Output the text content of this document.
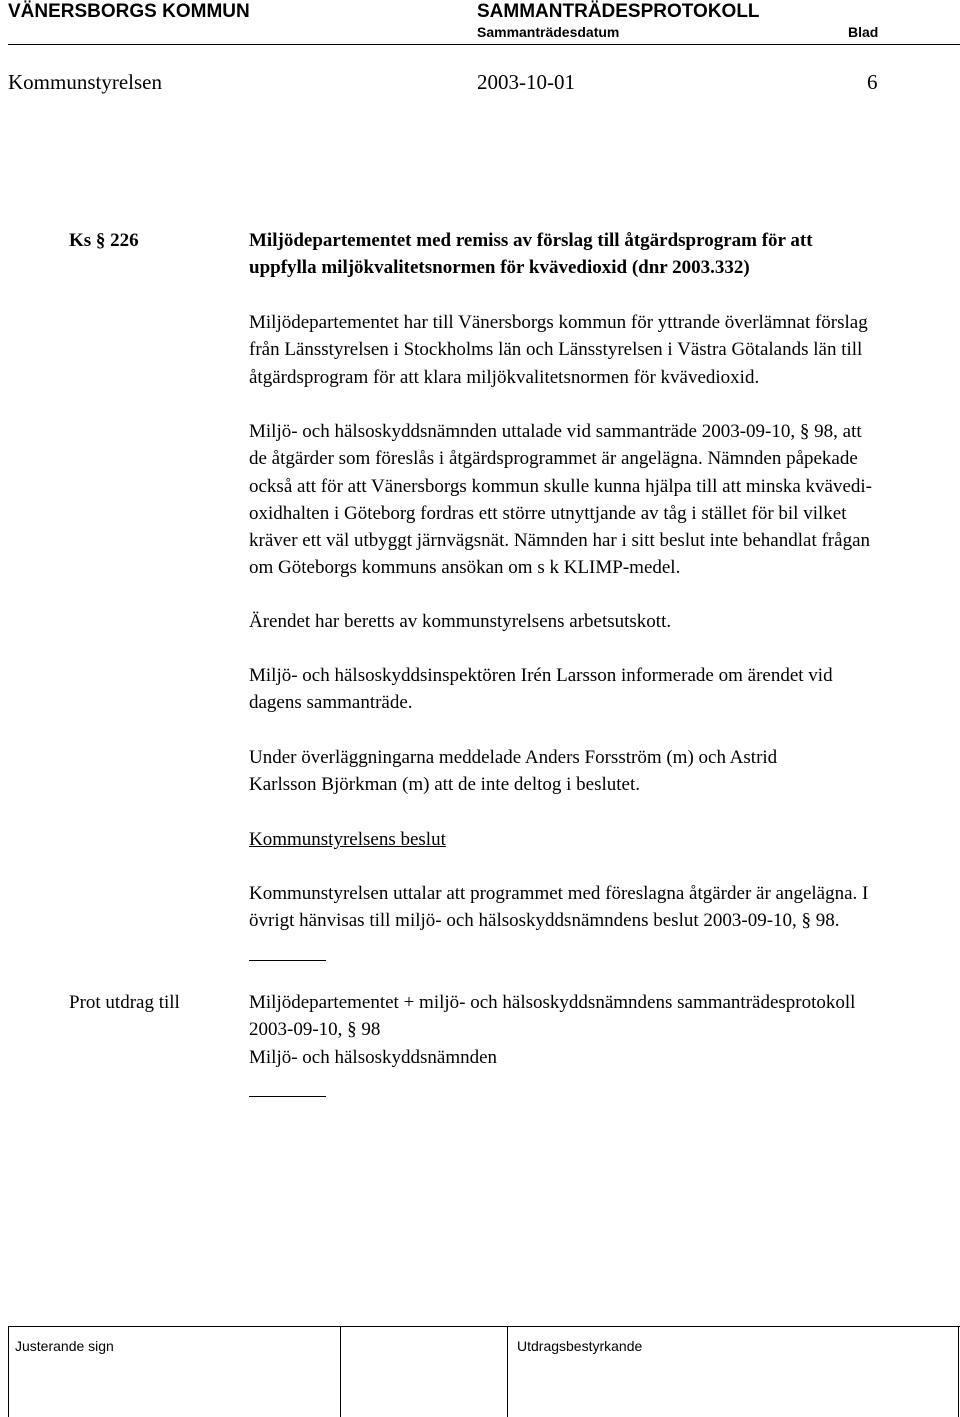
VÄNERSBORGS KOMMUN	SAMMANTRÄDESPROTOKOLL
Sammanträdesdatum	Blad
Kommunstyrelsen	2003-10-01	6
Ks § 226	Miljödepartementet med remiss av förslag till åtgärdsprogram för att

uppfylla miljökvalitetsnormen för kvävedioxid (dnr 2003.332)

Miljödepartementet har till Vänersborgs kommun för yttrande överlämnat förslag

från Länsstyrelsen i Stockholms län och Länsstyrelsen i Västra Götalands län till

åtgärdsprogram för att klara miljökvalitetsnormen för kvävedioxid.

Miljö- och hälsoskyddsnämnden uttalade vid sammanträde 2003-09-10, § 98, att

de åtgärder som föreslås i åtgärdsprogrammet är angelägna. Nämnden påpekade

också att för att Vänersborgs kommun skulle kunna hjälpa till att minska kvävedi-

oxidhalten i Göteborg fordras ett större utnyttjande av tåg i stället för bil vilket

kräver ett väl utbyggt järnvägsnät. Nämnden har i sitt beslut inte behandlat frågan

om Göteborgs kommuns ansökan om s k KLIMP-medel.

Ärendet har beretts av kommunstyrelsens arbetsutskott.

Miljö- och hälsoskyddsinspektören Irén Larsson informerade om ärendet vid

dagens sammanträde.

Under överläggningarna meddelade Anders Forsström (m) och Astrid

Karlsson Björkman (m) att de inte deltog i beslutet.

Kommunstyrelsens beslut

Kommunstyrelsen uttalar att programmet med föreslagna åtgärder är angelägna. I

övrigt hänvisas till miljö- och hälsoskyddsnämndens beslut 2003-09-10, § 98.

Prot utdrag till	Miljödepartementet + miljö- och hälsoskyddsnämndens sammanträdesprotokoll

2003-09-10, § 98

Miljö- och hälsoskyddsnämnden

Justerande sign	Utdragsbestyrkande
